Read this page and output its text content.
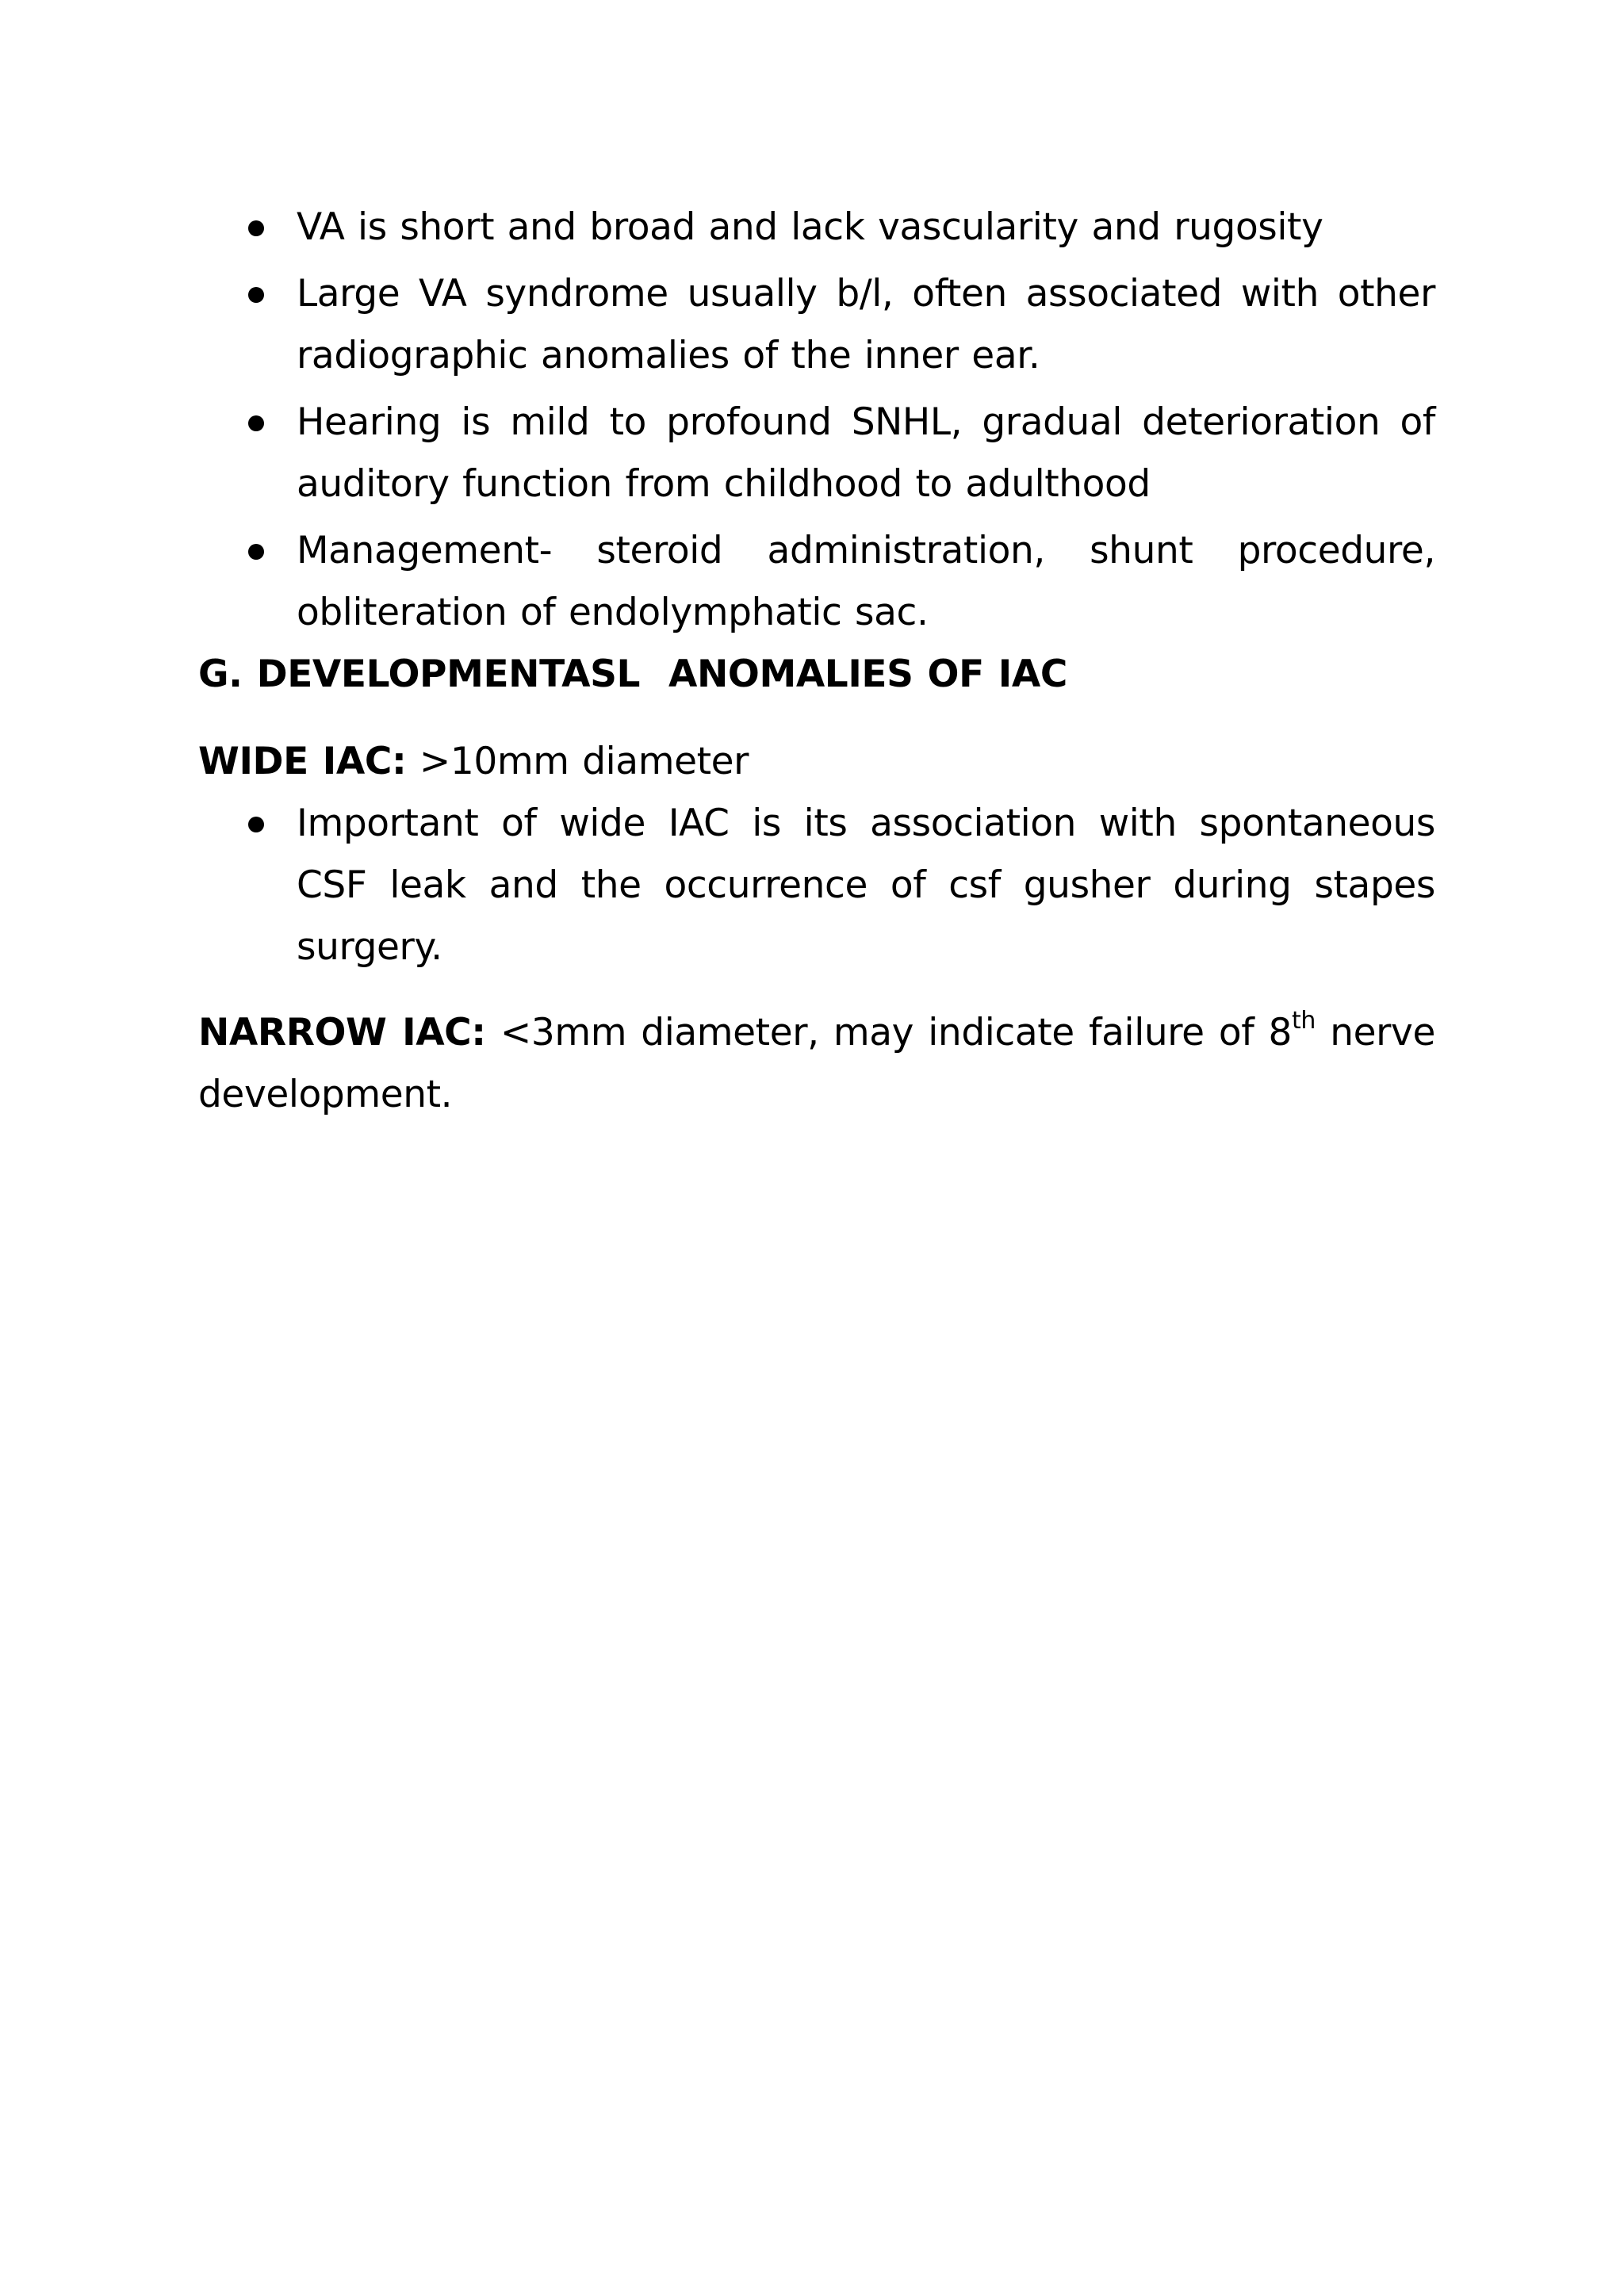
VA is short and broad and lack vascularity and rugosity
Large VA syndrome usually b/l, often associated with other radiographic anomalies of the inner ear.
Hearing is mild to profound SNHL, gradual deterioration of auditory function from childhood to adulthood
Management- steroid administration, shunt procedure, obliteration of endolymphatic sac.

G. DEVELOPMENTASL  ANOMALIES OF IAC

WIDE IAC: >10mm diameter

Important of wide IAC is its association with spontaneous CSF leak and the occurrence of csf gusher during stapes surgery.

NARROW IAC: <3mm diameter, may indicate failure of 8th nerve development.
